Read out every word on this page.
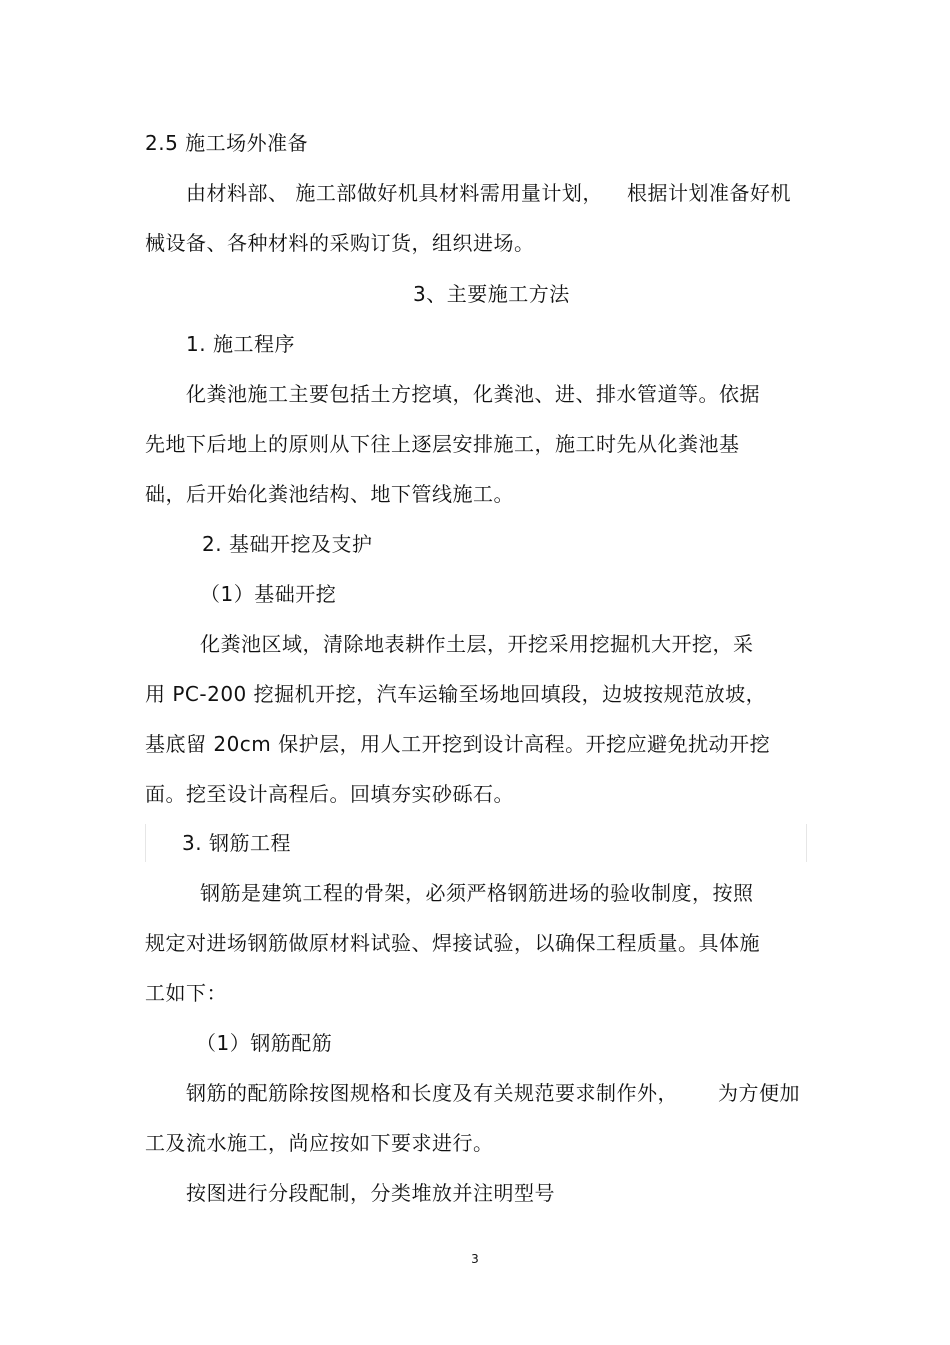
2.5 施工场外准备
由材料部、 施工部做好机具材料需用量计划， 根据计划准备好机
械设备、各种材料的采购订货，组织进场。
3、主要施工方法
1. 施工程序
化粪池施工主要包括土方挖填，化粪池、进、排水管道等。依据
先地下后地上的原则从下往上逐层安排施工，施工时先从化粪池基
础，后开始化粪池结构、地下管线施工。
2. 基础开挖及支护
（1）基础开挖
化粪池区域，清除地表耕作土层，开挖采用挖掘机大开挖，采
用 PC-200 挖掘机开挖，汽车运输至场地回填段，边坡按规范放坡，
基底留 20cm 保护层，用人工开挖到设计高程。开挖应避免扰动开挖
面。挖至设计高程后。回填夯实砂砾石。
3. 钢筋工程
钢筋是建筑工程的骨架，必须严格钢筋进场的验收制度，按照
规定对进场钢筋做原材料试验、焊接试验，以确保工程质量。具体施
工如下：
（1）钢筋配筋
钢筋的配筋除按图规格和长度及有关规范要求制作外， 为方便加
工及流水施工，尚应按如下要求进行。
按图进行分段配制，分类堆放并注明型号
3
